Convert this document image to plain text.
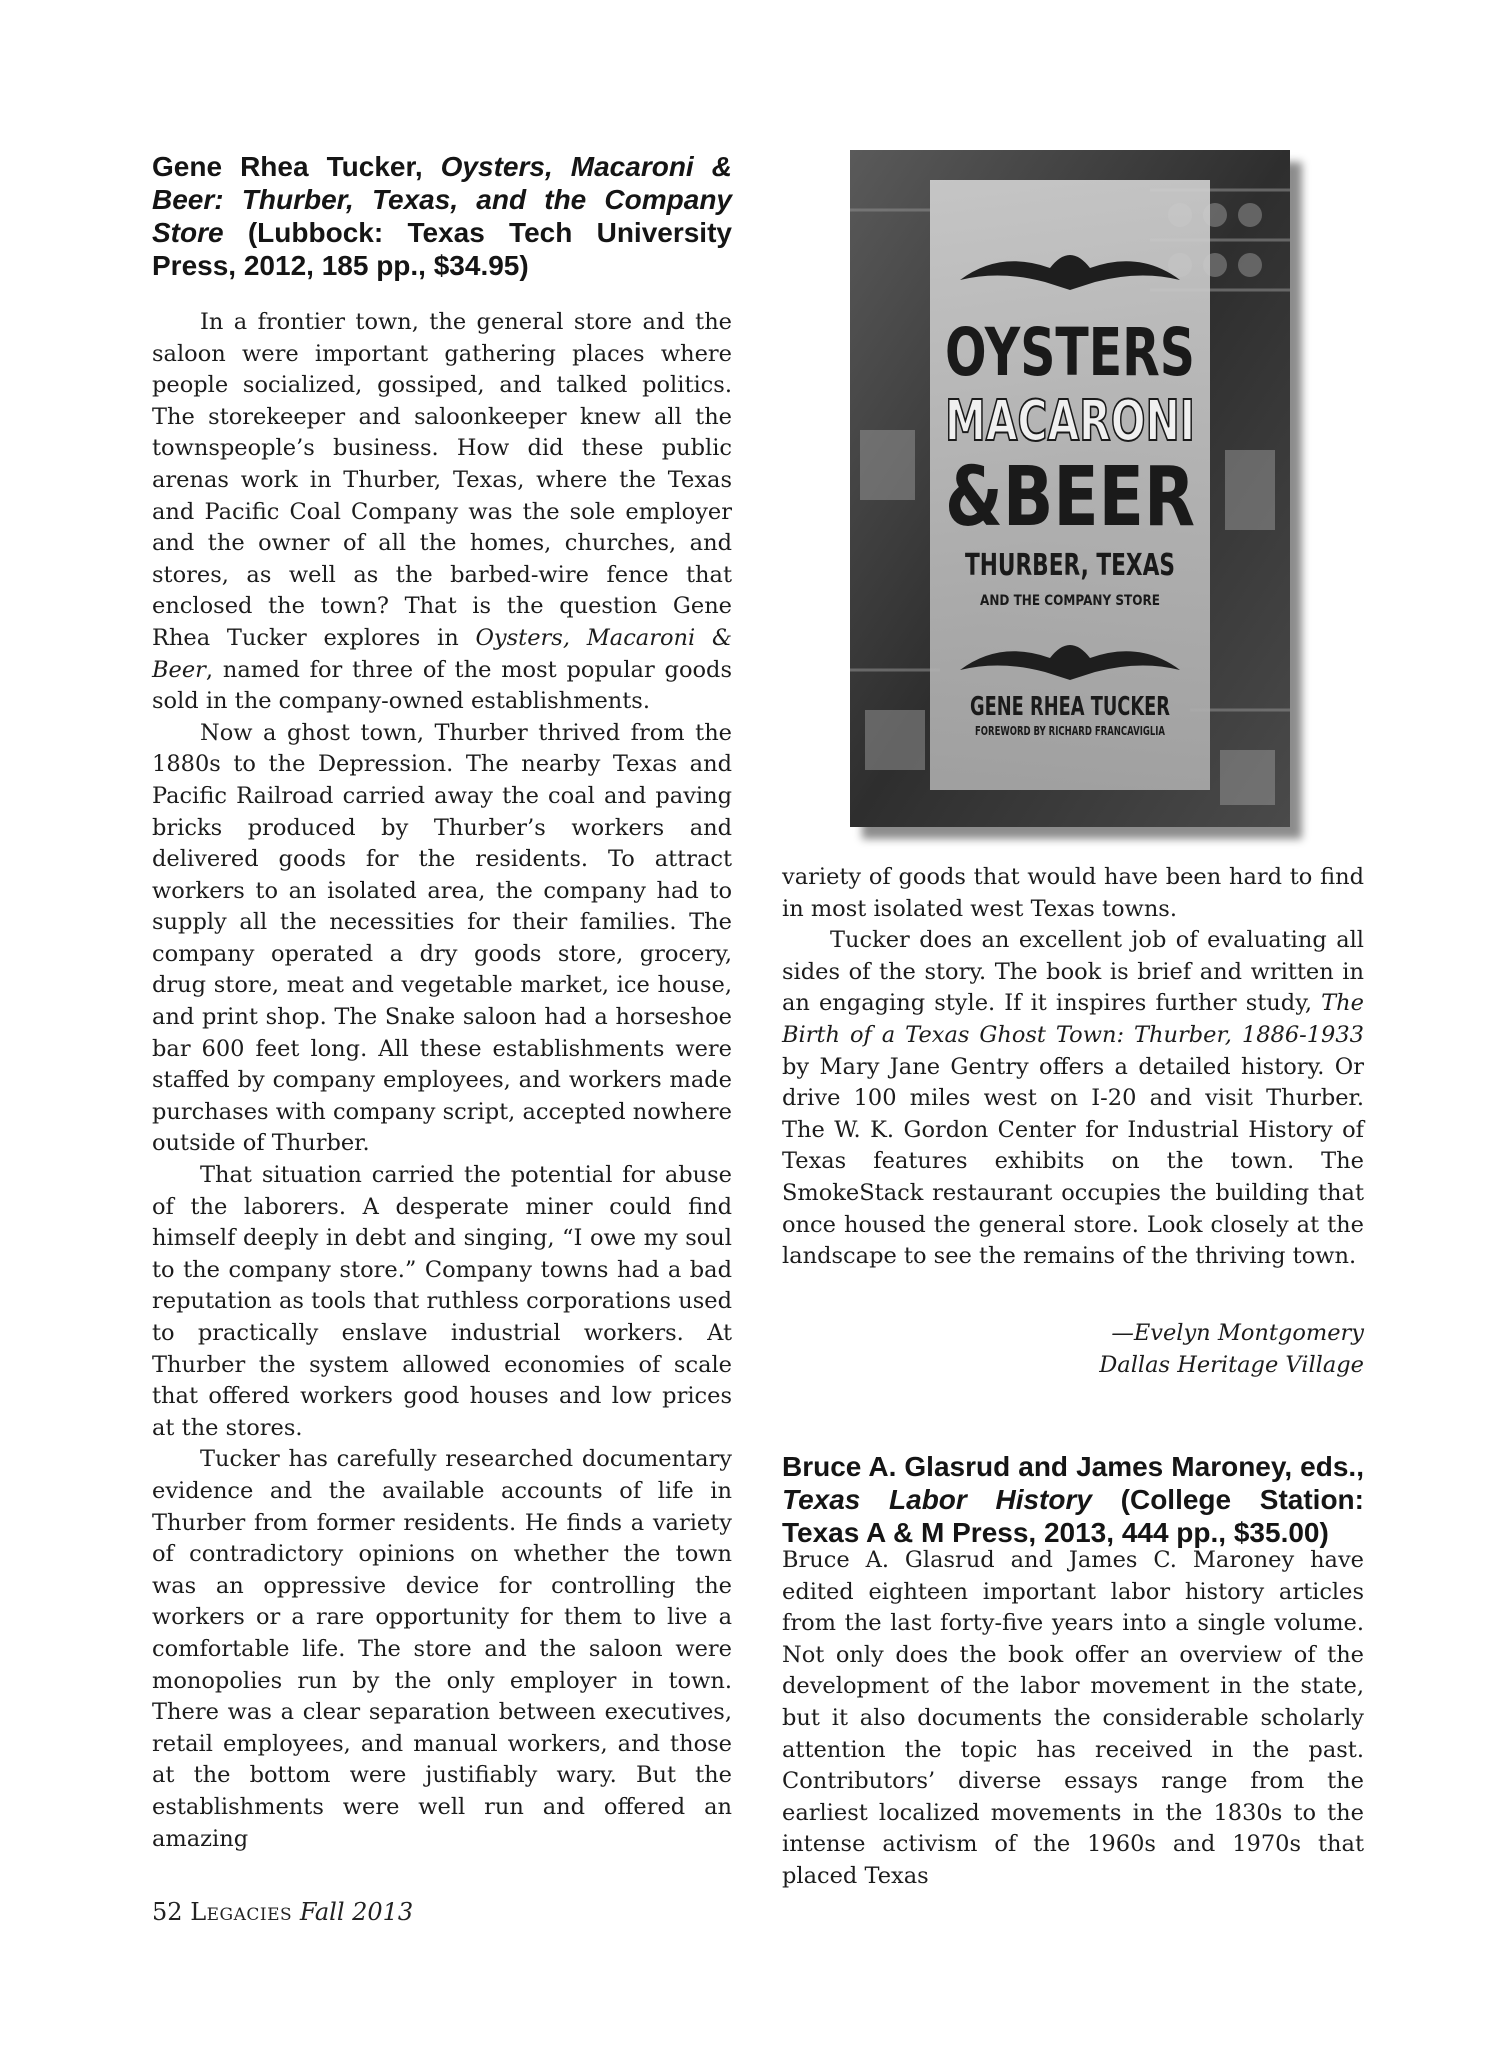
Gene Rhea Tucker, Oysters, Macaroni & Beer: Thurber, Texas, and the Company Store (Lubbock: Texas Tech University Press, 2012, 185 pp., $34.95)

In a frontier town, the general store and the saloon were important gathering places where people socialized, gossiped, and talked politics. The storekeeper and saloonkeeper knew all the townspeople’s business. How did these public arenas work in Thurber, Texas, where the Texas and Pacific Coal Company was the sole employer and the owner of all the homes, churches, and stores, as well as the barbed-wire fence that enclosed the town? That is the question Gene Rhea Tucker explores in Oysters, Macaroni & Beer, named for three of the most popular goods sold in the company-owned establishments.

Now a ghost town, Thurber thrived from the 1880s to the Depression. The nearby Texas and Pacific Railroad carried away the coal and paving bricks produced by Thurber’s workers and delivered goods for the residents. To attract workers to an isolated area, the company had to supply all the necessities for their families. The company operated a dry goods store, grocery, drug store, meat and vegetable market, ice house, and print shop. The Snake saloon had a horseshoe bar 600 feet long. All these establishments were staffed by company employees, and workers made purchases with company script, accepted nowhere outside of Thurber.

That situation carried the potential for abuse of the laborers. A desperate miner could find himself deeply in debt and singing, “I owe my soul to the company store.” Company towns had a bad reputation as tools that ruthless corporations used to practically enslave industrial workers. At Thurber the system allowed economies of scale that offered workers good houses and low prices at the stores.

Tucker has carefully researched documentary evidence and the available accounts of life in Thurber from former residents. He finds a variety of contradictory opinions on whether the town was an oppressive device for controlling the workers or a rare opportunity for them to live a comfortable life. The store and the saloon were monopolies run by the only employer in town. There was a clear separation between executives, retail employees, and manual workers, and those at the bottom were justifiably wary. But the establishments were well run and offered an amazing

OYSTERS
MACARONI
&BEER
THURBER, TEXAS
AND THE COMPANY STORE
GENE RHEA TUCKER
FOREWORD BY RICHARD FRANCAVIGLIA

variety of goods that would have been hard to find in most isolated west Texas towns.

Tucker does an excellent job of evaluating all sides of the story. The book is brief and written in an engaging style. If it inspires further study, The Birth of a Texas Ghost Town: Thurber, 1886-1933 by Mary Jane Gentry offers a detailed history. Or drive 100 miles west on I-20 and visit Thurber. The W. K. Gordon Center for Industrial History of Texas features exhibits on the town. The SmokeStack restaurant occupies the building that once housed the general store. Look closely at the landscape to see the remains of the thriving town.

—Evelyn Montgomery
Dallas Heritage Village
Bruce A. Glasrud and James Maroney, eds., Texas Labor History (College Station: Texas A & M Press, 2013, 444 pp., $35.00)

Bruce A. Glasrud and James C. Maroney have edited eighteen important labor history articles from the last forty-five years into a single volume. Not only does the book offer an overview of the development of the labor movement in the state, but it also documents the considerable scholarly attention the topic has received in the past. Contributors’ diverse essays range from the earliest localized movements in the 1830s to the intense activism of the 1960s and 1970s that placed Texas

52 Legacies Fall 2013
